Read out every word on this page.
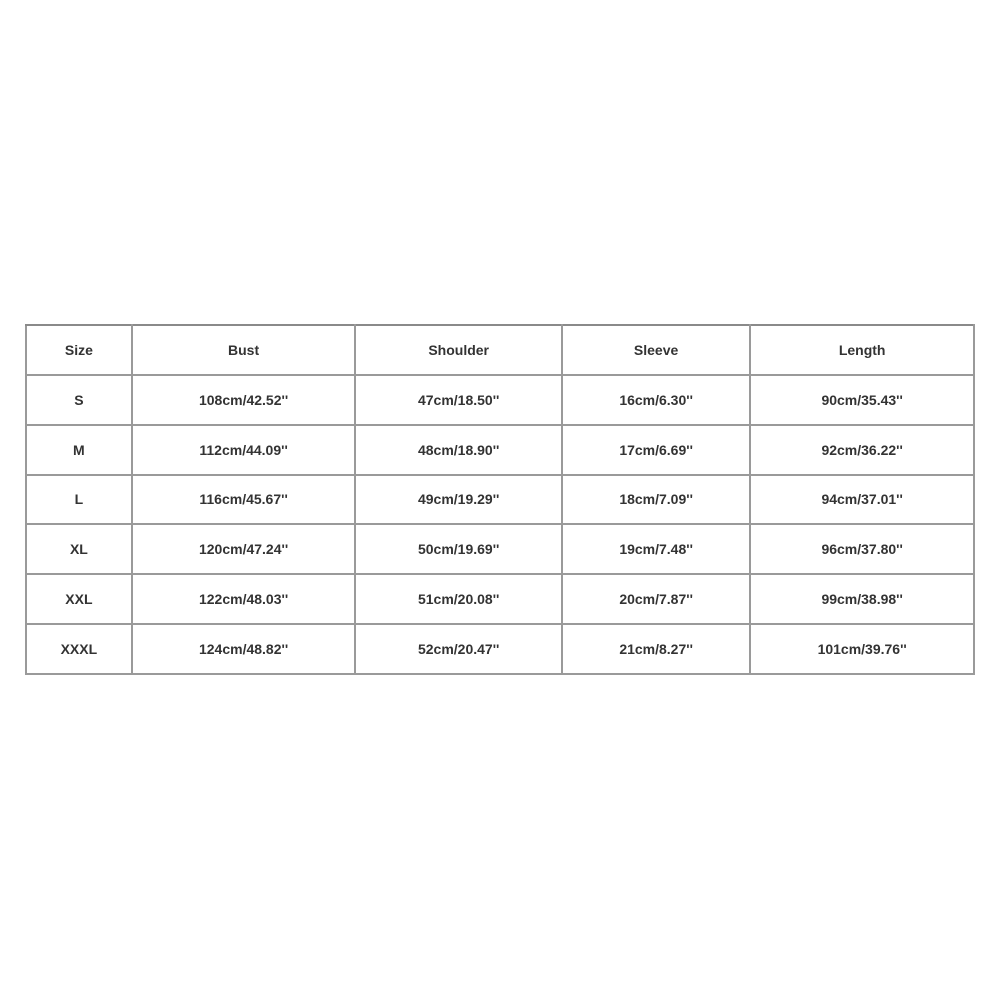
Size	Bust	Shoulder	Sleeve	Length
S	108cm/42.52''	47cm/18.50''	16cm/6.30''	90cm/35.43''
M	112cm/44.09''	48cm/18.90''	17cm/6.69''	92cm/36.22''
L	116cm/45.67''	49cm/19.29''	18cm/7.09''	94cm/37.01''
XL	120cm/47.24''	50cm/19.69''	19cm/7.48''	96cm/37.80''
XXL	122cm/48.03''	51cm/20.08''	20cm/7.87''	99cm/38.98''
XXXL	124cm/48.82''	52cm/20.47''	21cm/8.27''	101cm/39.76''
